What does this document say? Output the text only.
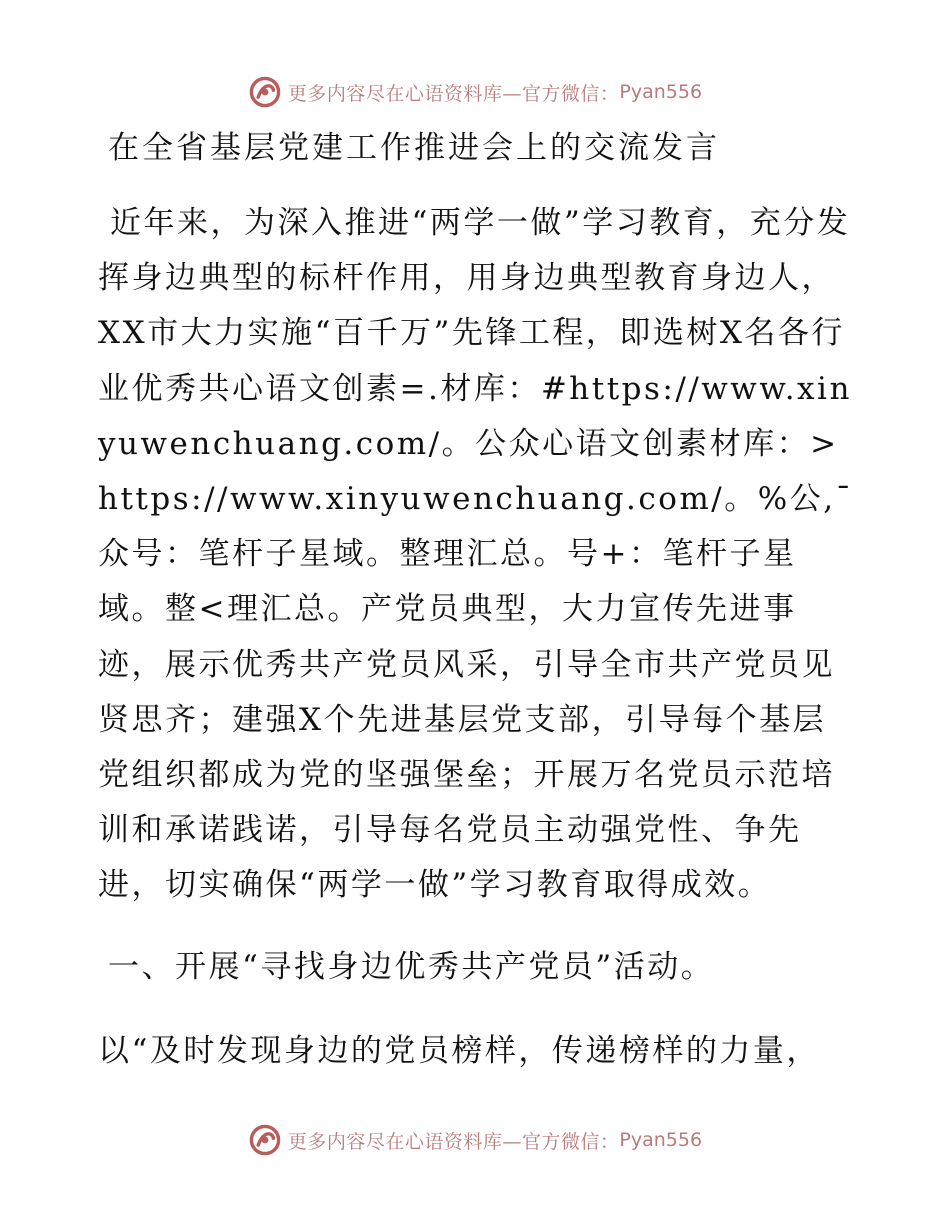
更多内容尽在心语资料库—官方微信： Pyan556
在全省基层党建工作推进会上的交流发言
近年来，为深入推进“两学一做”学习教育，充分发挥身边典型的标杆作用，用身边典型教育身边人，XX市大力实施“百千万”先锋工程，即选树X名各行业优秀共心语文创素=.材库：#https://www.xinyuwenchuang.com/。公众心语文创素材库：>https://www.xinyuwenchuang.com/。%公,¯众号：笔杆子星域。整理汇总。号+：笔杆子星域。整<理汇总。产党员典型，大力宣传先进事迹，展示优秀共产党员风采，引导全市共产党员见贤思齐；建强X个先进基层党支部，引导每个基层党组织都成为党的坚强堡垒；开展万名党员示范培训和承诺践诺，引导每名党员主动强党性、争先进，切实确保“两学一做”学习教育取得成效。
一、开展“寻找身边优秀共产党员”活动。
以“及时发现身边的党员榜样，传递榜样的力量，
更多内容尽在心语资料库—官方微信： Pyan556
